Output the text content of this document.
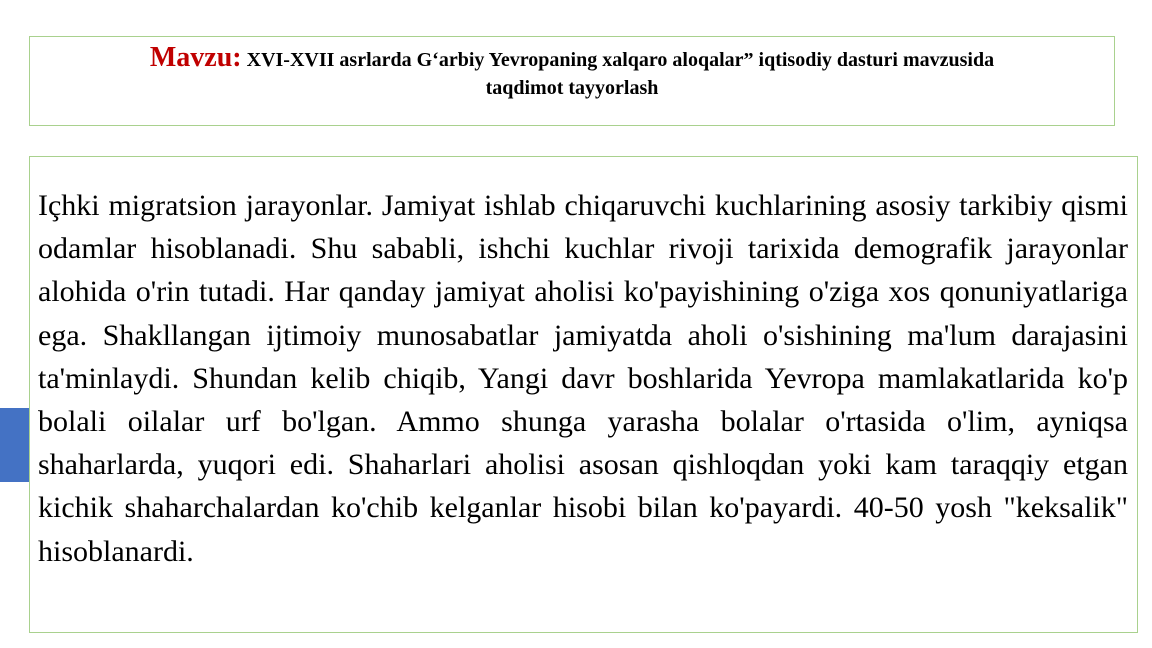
Mavzu: XVI-XVII asrlarda G‘arbiy Yevropaning xalqaro aloqalar” iqtisodiy dasturi mavzusida
taqdimot tayyorlash

Içhki migratsion jarayonlar. Jamiyat ishlab chiqaruvchi kuchlarining asosiy tarkibiy qismi odamlar hisoblanadi. Shu sababli, ishchi kuchlar rivoji tarixida demografik jarayonlar alohida o'rin tutadi. Har qanday jamiyat aholisi ko'payishining o'ziga xos qonuniyatlariga ega. Shakllangan ijtimoiy munosabatlar jamiyatda aholi o'sishining ma'lum darajasini ta'minlaydi. Shundan kelib chiqib, Yangi davr boshlarida Yevropa mamlakatlarida ko'p bolali oilalar urf bo'lgan. Ammo shunga yarasha bolalar o'rtasida o'lim, ayniqsa shaharlarda, yuqori edi. Shaharlari aholisi asosan qishloqdan yoki kam taraqqiy etgan kichik shaharchalardan ko'chib kelganlar hisobi bilan ko'payardi. 40-50 yosh "keksalik" hisoblanardi.
